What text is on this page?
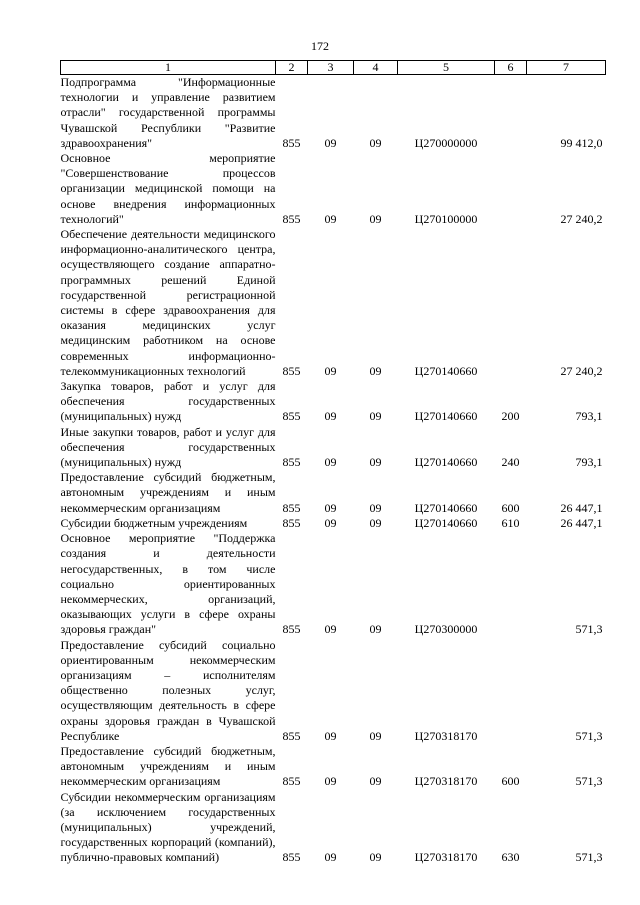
172
1	2	3	4	5	6	7
Подпрограмма "Информационные технологии и управление развитием отрасли" государственной программы Чувашской Республики "Развитие здравоохранения"	855	09	09	Ц270000000		99 412,0
Основное мероприятие "Совершенствование процессов организации медицинской помощи на основе внедрения информационных технологий"	855	09	09	Ц270100000		27 240,2
Обеспечение деятельности медицинского информационно-аналитического центра, осуществляющего создание аппаратно-программных решений Единой государственной регистрационной системы в сфере здравоохранения для оказания медицинских услуг медицинским работником на основе современных информационно-телекоммуникационных технологий	855	09	09	Ц270140660		27 240,2
Закупка товаров, работ и услуг для обеспечения государственных (муниципальных) нужд	855	09	09	Ц270140660	200	793,1
Иные закупки товаров, работ и услуг для обеспечения государственных (муниципальных) нужд	855	09	09	Ц270140660	240	793,1
Предоставление субсидий бюджетным, автономным учреждениям и иным некоммерческим организациям	855	09	09	Ц270140660	600	26 447,1
Субсидии бюджетным учреждениям	855	09	09	Ц270140660	610	26 447,1
Основное мероприятие "Поддержка создания и деятельности негосударственных, в том числе социально ориентированных некоммерческих, организаций, оказывающих услуги в сфере охраны здоровья граждан"	855	09	09	Ц270300000		571,3
Предоставление субсидий социально ориентированным некоммерческим организациям – исполнителям общественно полезных услуг, осуществляющим деятельность в сфере охраны здоровья граждан в Чувашской Республике	855	09	09	Ц270318170		571,3
Предоставление субсидий бюджетным, автономным учреждениям и иным некоммерческим организациям	855	09	09	Ц270318170	600	571,3
Субсидии некоммерческим организациям (за исключением государственных (муниципальных) учреждений, государственных корпораций (компаний), публично-правовых компаний)	855	09	09	Ц270318170	630	571,3
